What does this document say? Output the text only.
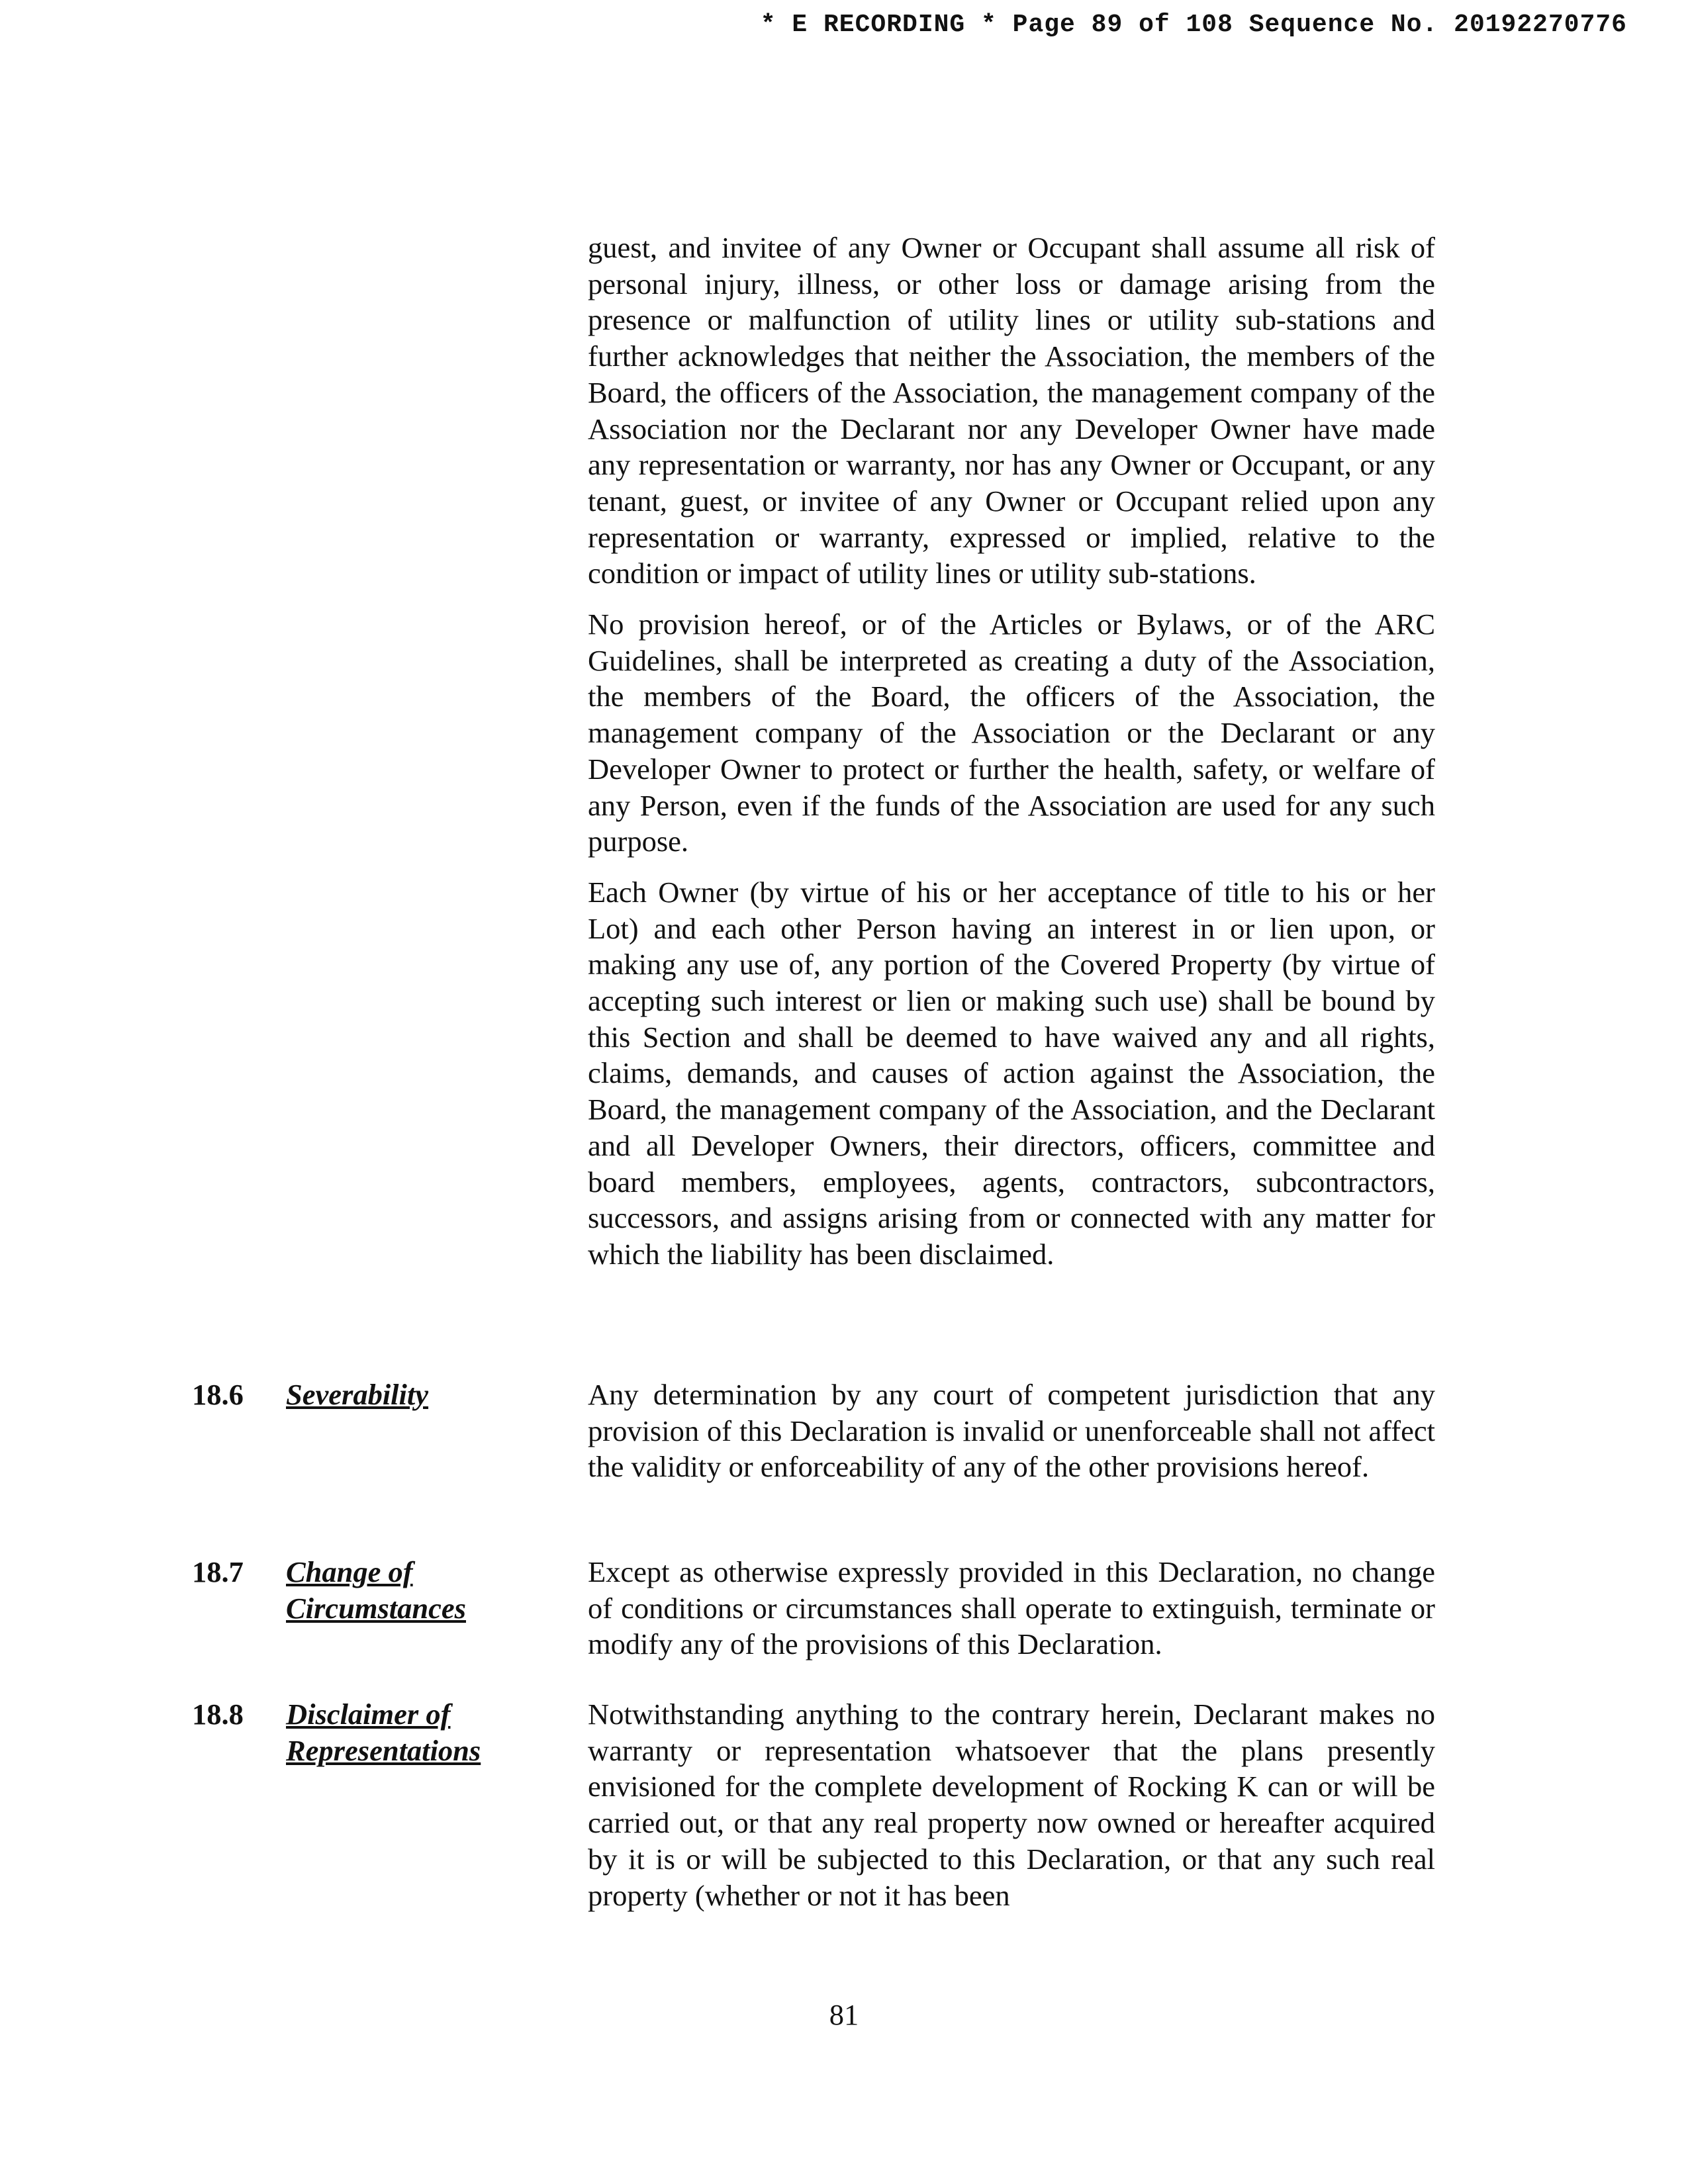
* E RECORDING * Page 89 of 108 Sequence No. 20192270776

guest, and invitee of any Owner or Occupant shall assume all risk of personal injury, illness, or other loss or damage arising from the presence or malfunction of utility lines or utility sub-stations and further acknowledges that neither the Association, the members of the Board, the officers of the Association, the management company of the Association nor the Declarant nor any Developer Owner have made any representation or warranty, nor has any Owner or Occupant, or any tenant, guest, or invitee of any Owner or Occupant relied upon any representation or warranty, expressed or implied, relative to the condition or impact of utility lines or utility sub-stations.

No provision hereof, or of the Articles or Bylaws, or of the ARC Guidelines, shall be interpreted as creating a duty of the Association, the members of the Board, the officers of the Association, the management company of the Association or the Declarant or any Developer Owner to protect or further the health, safety, or welfare of any Person, even if the funds of the Association are used for any such purpose.

Each Owner (by virtue of his or her acceptance of title to his or her Lot) and each other Person having an interest in or lien upon, or making any use of, any portion of the Covered Property (by virtue of accepting such interest or lien or making such use) shall be bound by this Section and shall be deemed to have waived any and all rights, claims, demands, and causes of action against the Association, the Board, the management company of the Association, and the Declarant and all Developer Owners, their directors, officers, committee and board members, employees, agents, contractors, subcontractors, successors, and assigns arising from or connected with any matter for which the liability has been disclaimed.

18.6 Severability	Any determination by any court of competent jurisdiction that any provision of this Declaration is invalid or unenforceable shall not affect the validity or enforceability of any of the other provisions hereof.

18.7 Change of
Circumstances

Except as otherwise expressly provided in this Declaration, no change of conditions or circumstances shall operate to extinguish, terminate or modify any of the provisions of this Declaration.

18.8 Disclaimer of
Representations

Notwithstanding anything to the contrary herein, Declarant makes no warranty or representation whatsoever that the plans presently envisioned for the complete development of Rocking K can or will be carried out, or that any real property now owned or hereafter acquired by it is or will be subjected to this Declaration, or that any such real property (whether or not it has been

81
